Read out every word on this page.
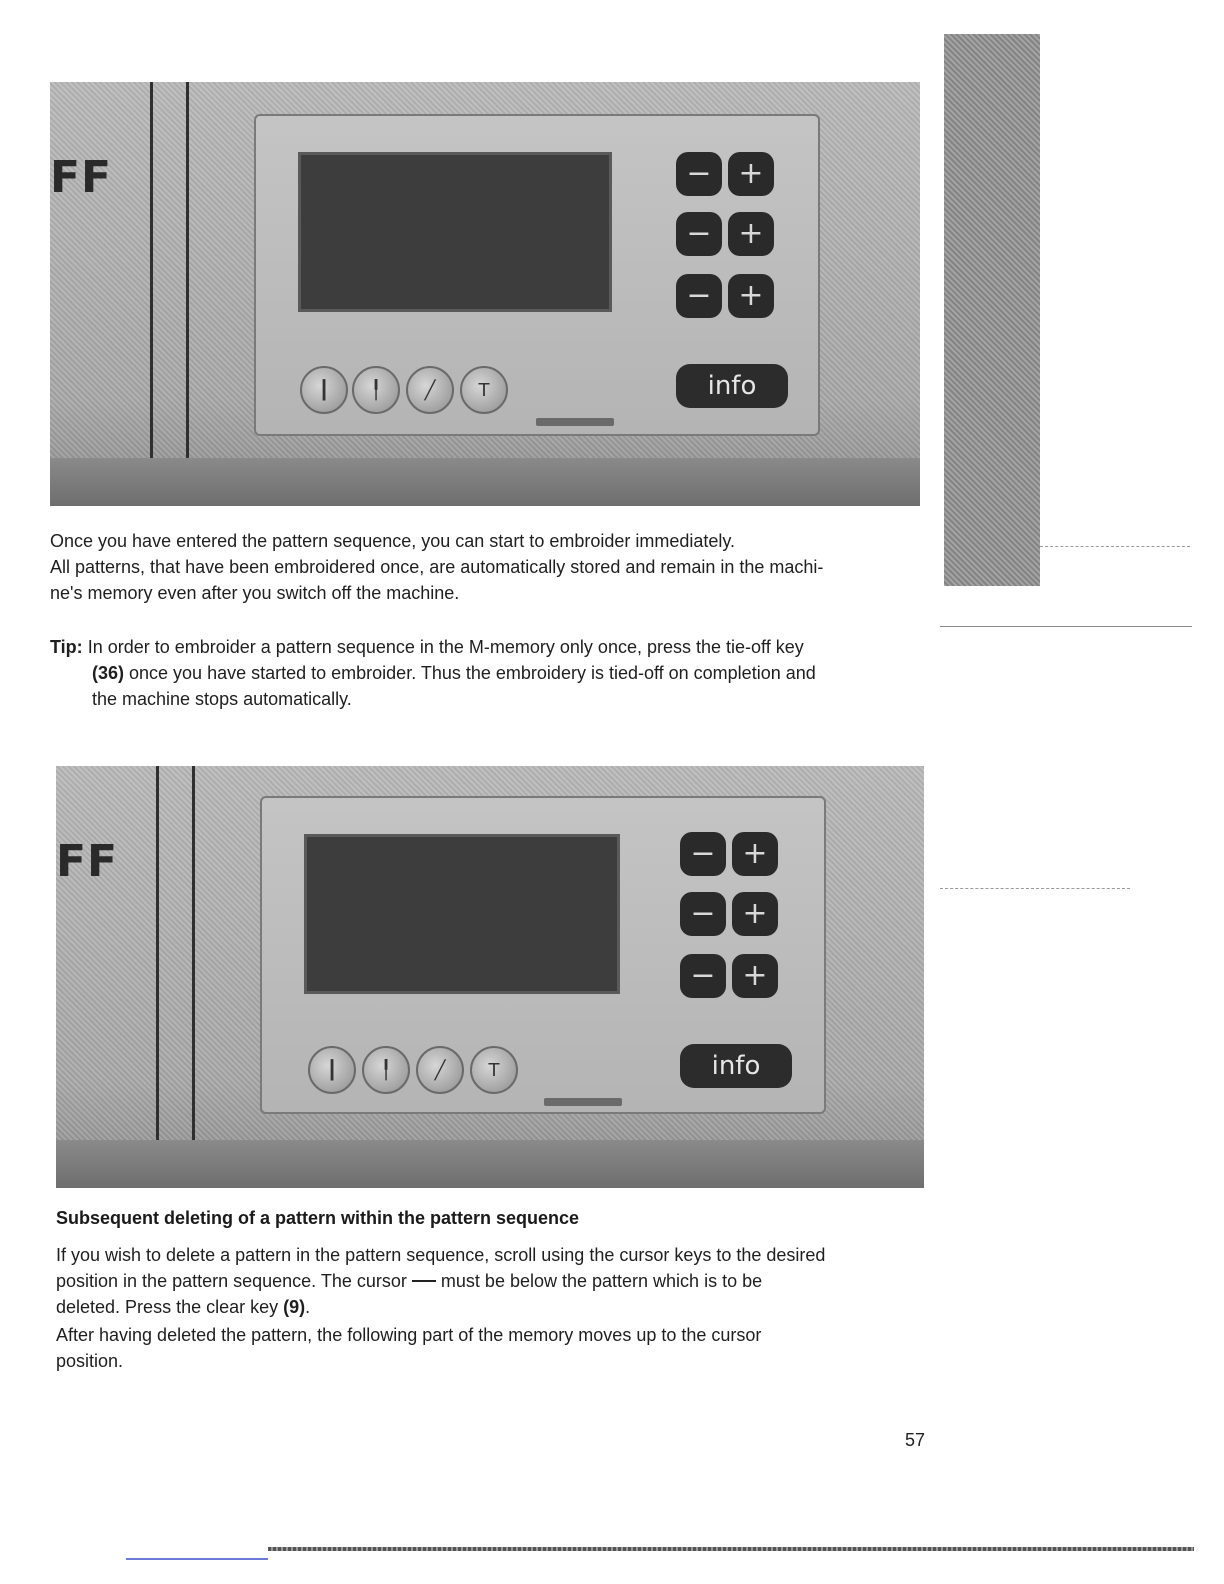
FF	− +
− +
− +
┃ ╿ ╱ T	info

Once you have entered the pattern sequence, you can start to embroider immediately.

All patterns, that have been embroidered once, are automatically stored and remain in the machi-

ne's memory even after you switch off the machine.

Tip: In order to embroider a pattern sequence in the M-memory only once, press the tie-off key

(36) once you have started to embroider. Thus the embroidery is tied-off on completion and

the machine stops automatically.

FF	− +
− +
− +
┃ ╿ ╱ T	info
Subsequent deleting of a pattern within the pattern sequence

If you wish to delete a pattern in the pattern sequence, scroll using the cursor keys to the desired

position in the pattern sequence. The cursor must be below the pattern which is to be

deleted. Press the clear key (9).

After having deleted the pattern, the following part of the memory moves up to the cursor

position.

57
